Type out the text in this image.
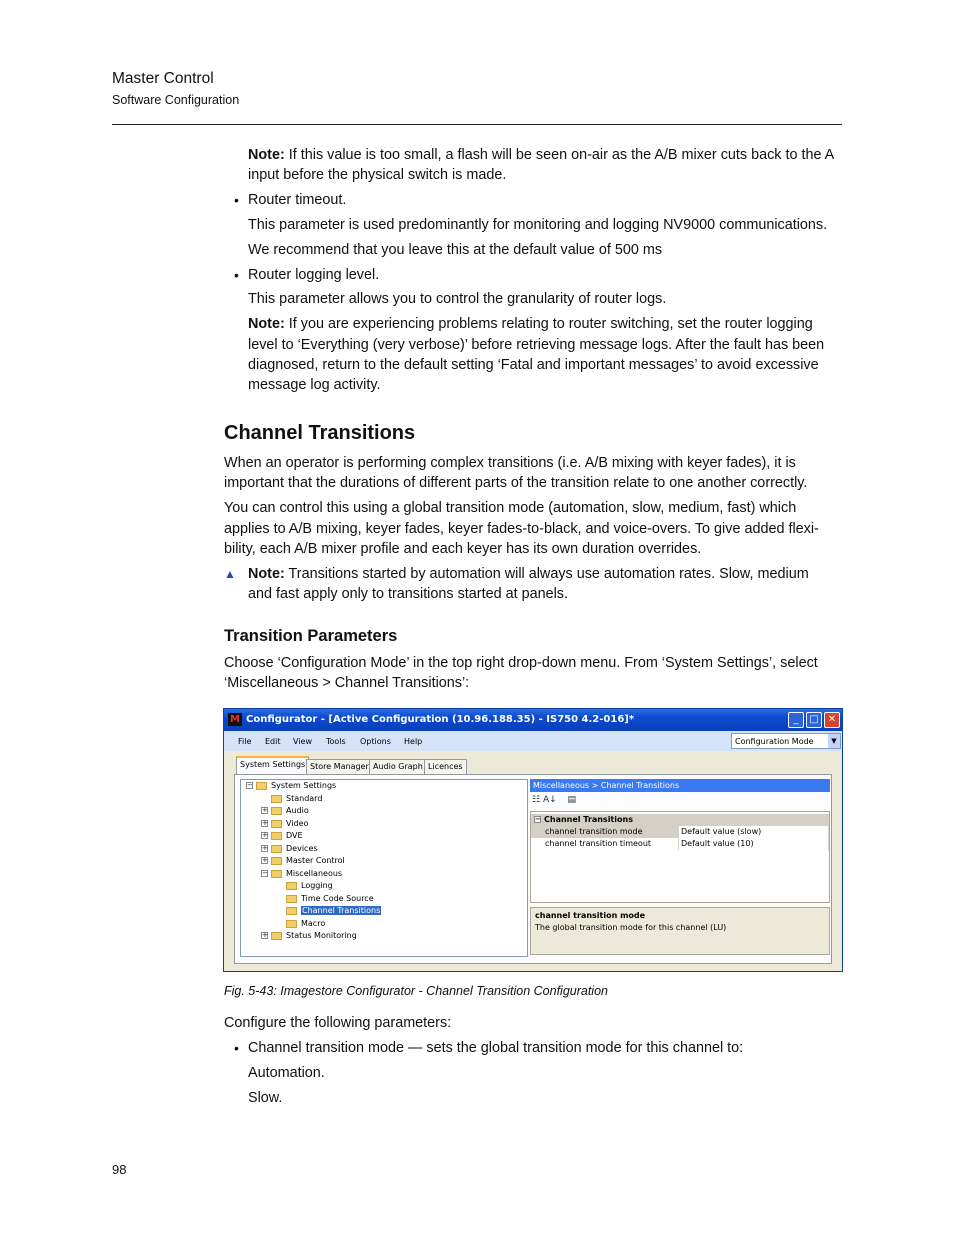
Master Control
Software Configuration
Note: If this value is too small, a flash will be seen on-air as the A/B mixer cuts back to the A
input before the physical switch is made.
• Router timeout.
This parameter is used predominantly for monitoring and logging NV9000 communications.
We recommend that you leave this at the default value of 500 ms
• Router logging level.
This parameter allows you to control the granularity of router logs.
Note: If you are experiencing problems relating to router switching, set the router logging
level to ‘Everything (very verbose)’ before retrieving message logs. After the fault has been
diagnosed, return to the default setting ‘Fatal and important messages’ to avoid excessive
message log activity.
Channel Transitions
When an operator is performing complex transitions (i.e. A/B mixing with keyer fades), it is
important that the durations of different parts of the transition relate to one another correctly.
You can control this using a global transition mode (automation, slow, medium, fast) which
applies to A/B mixing, keyer fades, keyer fades-to-black, and voice-overs. To give added flexi-
bility, each A/B mixer profile and each keyer has its own duration overrides.
▲ Note: Transitions started by automation will always use automation rates. Slow, medium
and fast apply only to transitions started at panels.
Transition Parameters
Choose ‘Configuration Mode’ in the top right drop-down menu. From ‘System Settings’, select
‘Miscellaneous > Channel Transitions’:
M Configurator - [Active Configuration (10.96.188.35) - IS750 4.2-016]*	_	□ ✕
File Edit View Tools Options Help	Configuration Mode	▼
System Settings Store Manager Audio Graph Licences
− System Settings
Standard
+ Audio
+ Video
+ DVE
+ Devices
+ Master Control
− Miscellaneous
Logging
Time Code Source
Channel Transitions
Macro
+ Status Monitoring
Miscellaneous > Channel Transitions
☷ A↓ ▤
− Channel Transitions
channel transition mode	Default value (slow)
channel transition timeout	Default value (10)
channel transition mode
The global transition mode for this channel (LU)
Fig. 5-43: Imagestore Configurator - Channel Transition Configuration
Configure the following parameters:
• Channel transition mode — sets the global transition mode for this channel to:
Automation.
Slow.
98
